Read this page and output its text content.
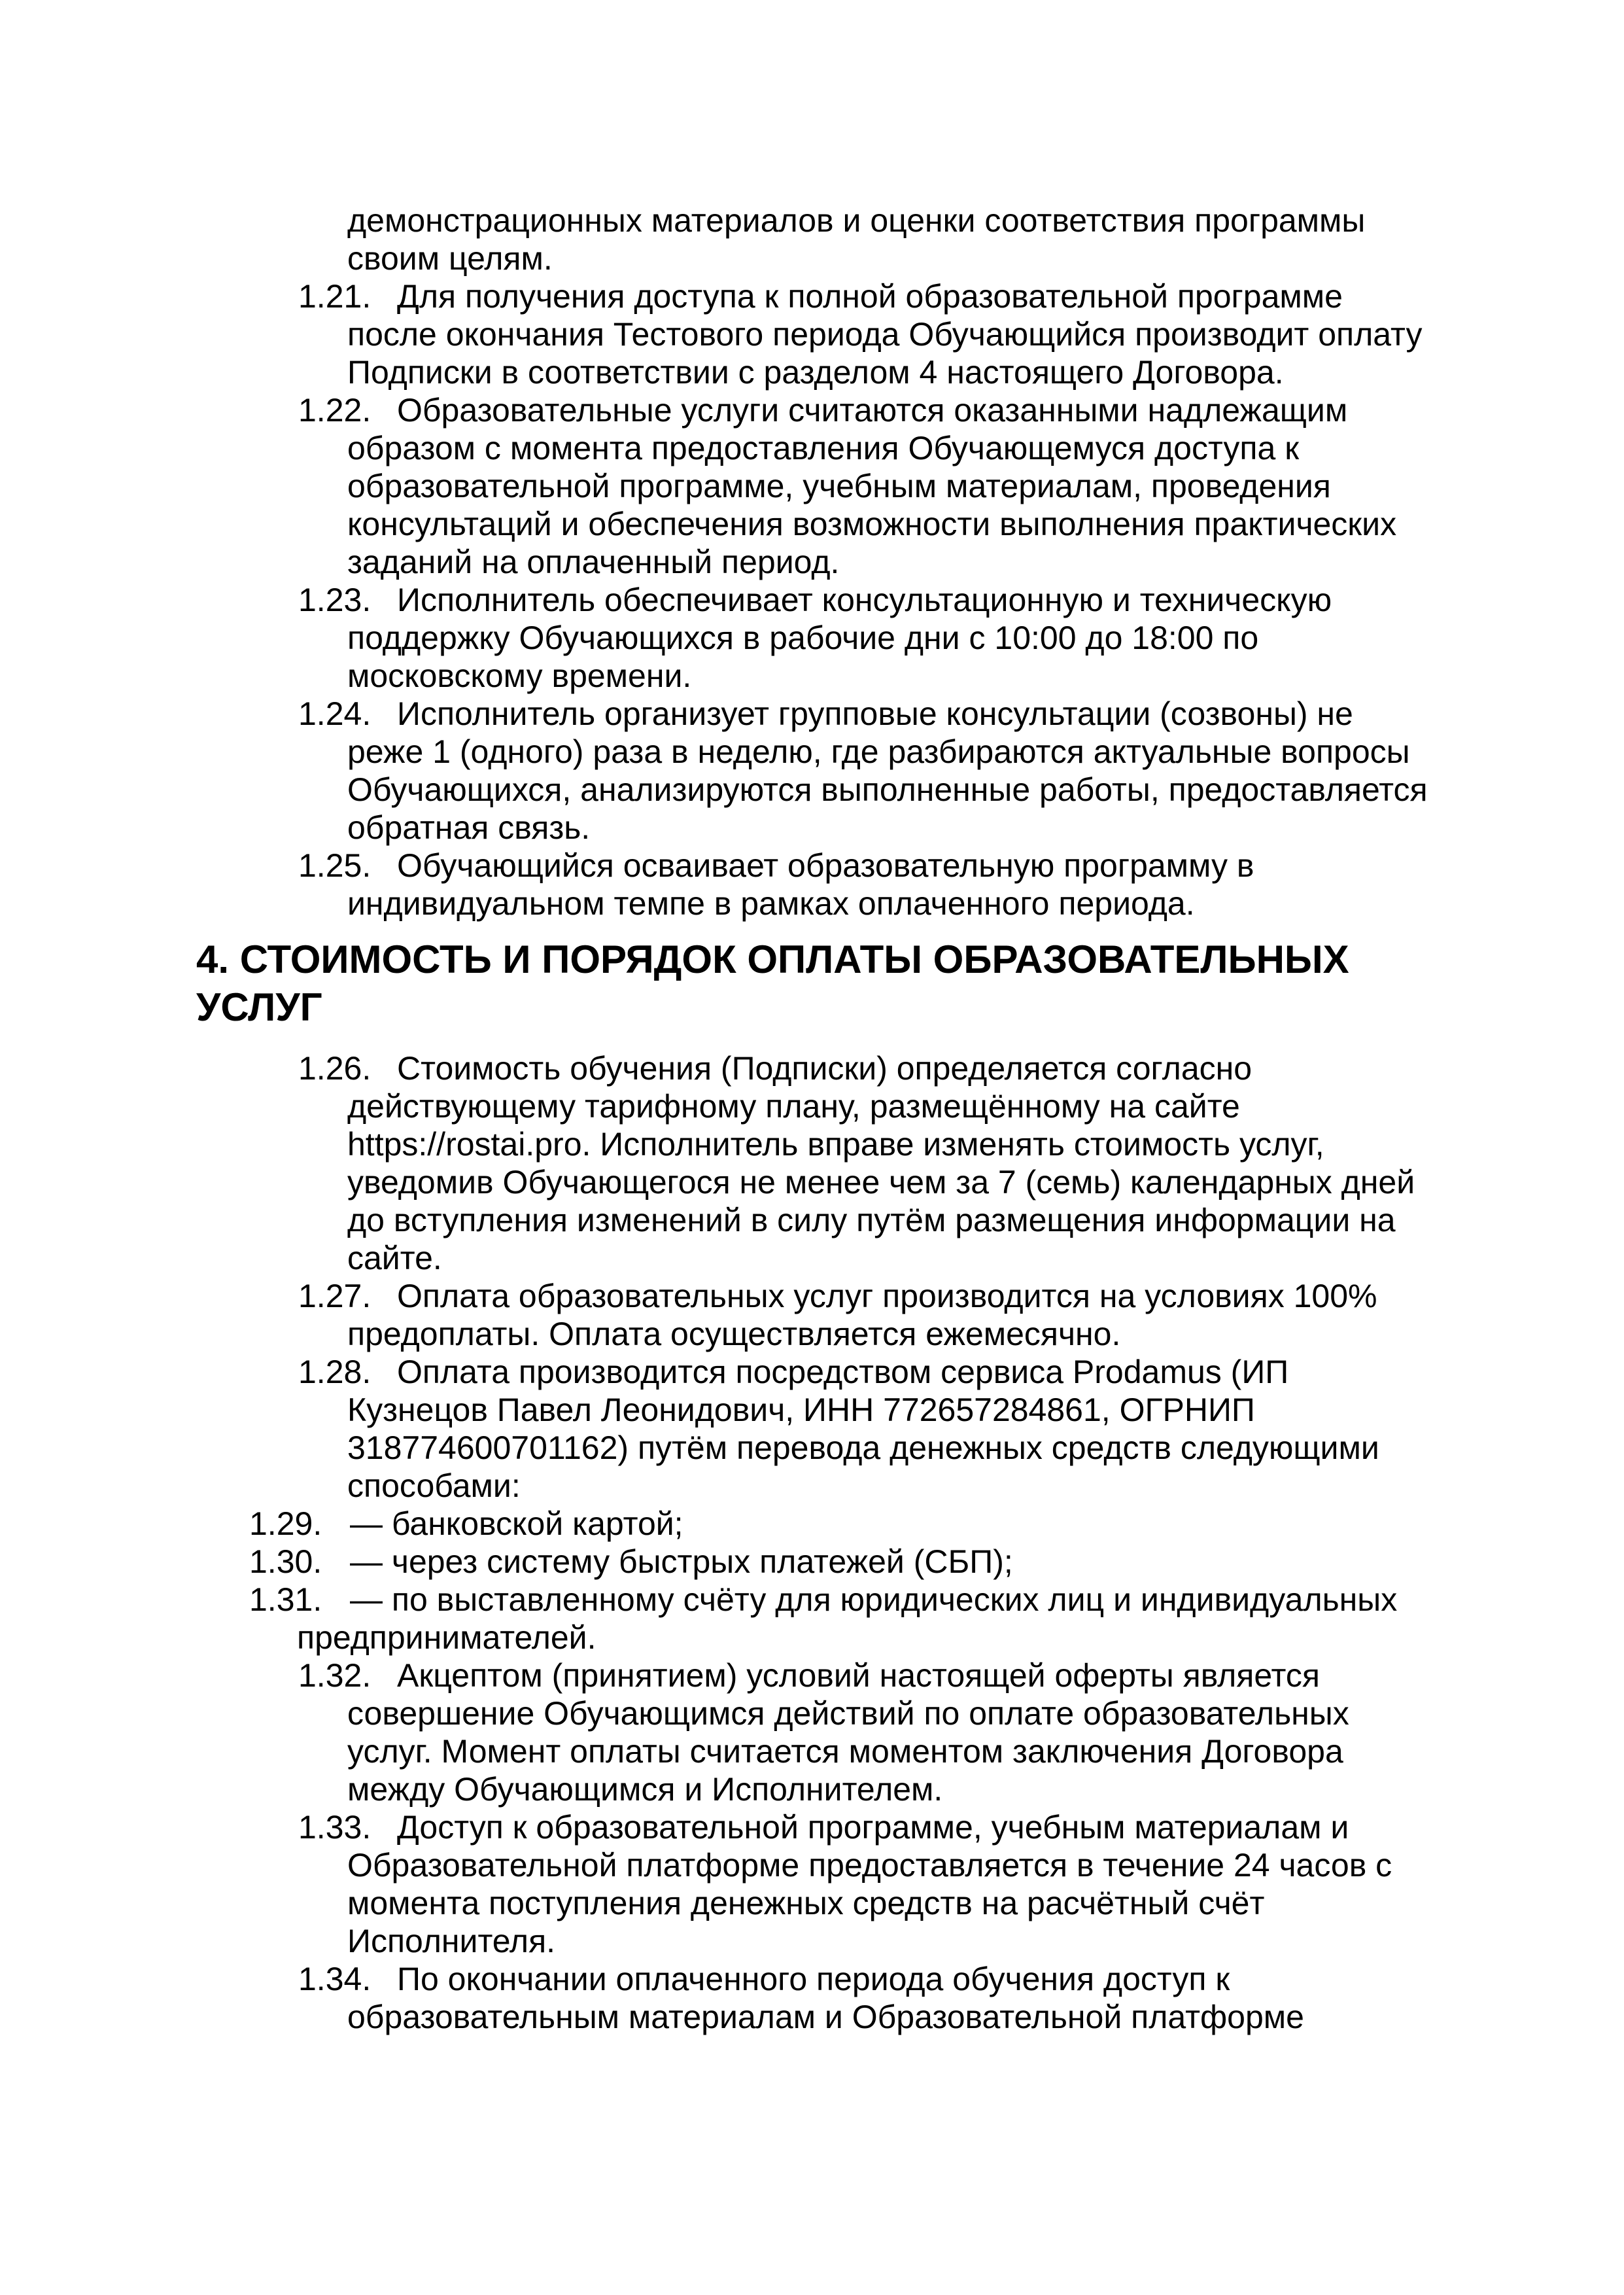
демонстрационных материалов и оценки соответствия программы своим целям.

1.21. Для получения доступа к полной образовательной программе после окончания Тестового периода Обучающийся производит оплату Подписки в соответствии с разделом 4 настоящего Договора.
1.22. Образовательные услуги считаются оказанными надлежащим образом с момента предоставления Обучающемуся доступа к образовательной программе, учебным материалам, проведения консультаций и обеспечения возможности выполнения практических заданий на оплаченный период.
1.23. Исполнитель обеспечивает консультационную и техническую поддержку Обучающихся в рабочие дни с 10:00 до 18:00 по московскому времени.
1.24. Исполнитель организует групповые консультации (созвоны) не реже 1 (одного) раза в неделю, где разбираются актуальные вопросы Обучающихся, анализируются выполненные работы, предоставляется обратная связь.
1.25. Обучающийся осваивает образовательную программу в индивидуальном темпе в рамках оплаченного периода.
4. СТОИМОСТЬ И ПОРЯДОК ОПЛАТЫ ОБРАЗОВАТЕЛЬНЫХ УСЛУГ
1.26. Стоимость обучения (Подписки) определяется согласно действующему тарифному плану, размещённому на сайте https://rostai.pro. Исполнитель вправе изменять стоимость услуг, уведомив Обучающегося не менее чем за 7 (семь) календарных дней до вступления изменений в силу путём размещения информации на сайте.
1.27. Оплата образовательных услуг производится на условиях 100% предоплаты. Оплата осуществляется ежемесячно.
1.28. Оплата производится посредством сервиса Prodamus (ИП Кузнецов Павел Леонидович, ИНН 772657284861, ОГРНИП 318774600701162) путём перевода денежных средств следующими способами:
1.29. — банковской картой;
1.30. — через систему быстрых платежей (СБП);
1.31. — по выставленному счёту для юридических лиц и индивидуальных предпринимателей.
1.32. Акцептом (принятием) условий настоящей оферты является совершение Обучающимся действий по оплате образовательных услуг. Момент оплаты считается моментом заключения Договора между Обучающимся и Исполнителем.
1.33. Доступ к образовательной программе, учебным материалам и Образовательной платформе предоставляется в течение 24 часов с момента поступления денежных средств на расчётный счёт Исполнителя.
1.34. По окончании оплаченного периода обучения доступ к образовательным материалам и Образовательной платформе
